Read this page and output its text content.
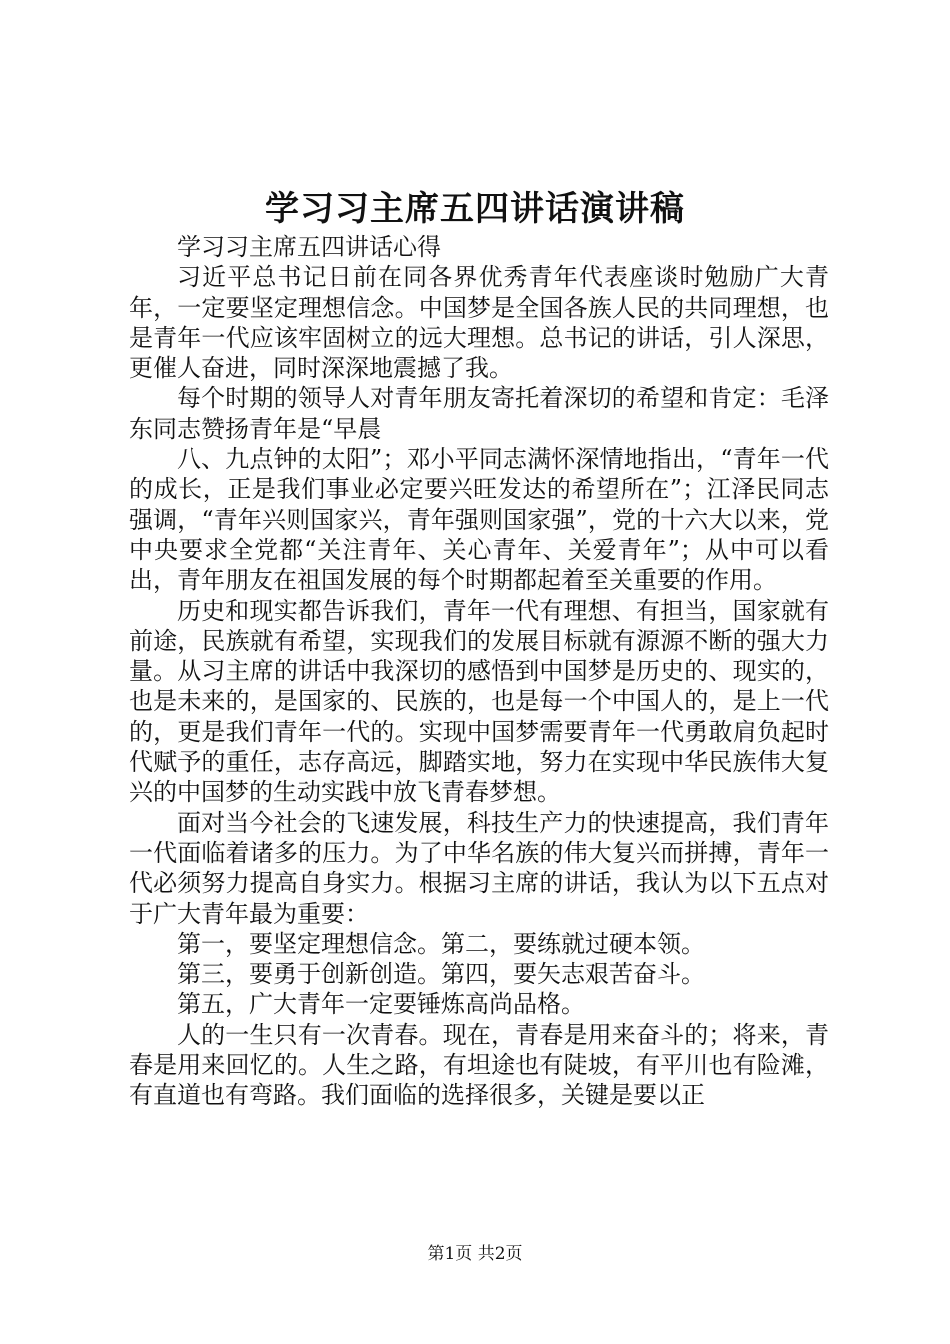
学习习主席五四讲话演讲稿

学习习主席五四讲话心得

习近平总书记日前在同各界优秀青年代表座谈时勉励广大青年，一定要坚定理想信念。中国梦是全国各族人民的共同理想，也是青年一代应该牢固树立的远大理想。总书记的讲话，引人深思，更催人奋进，同时深深地震撼了我。

每个时期的领导人对青年朋友寄托着深切的希望和肯定：毛泽东同志赞扬青年是“早晨

八、九点钟的太阳”；邓小平同志满怀深情地指出，“青年一代的成长，正是我们事业必定要兴旺发达的希望所在”；江泽民同志强调，“青年兴则国家兴，青年强则国家强”，党的十六大以来，党中央要求全党都“关注青年、关心青年、关爱青年”；从中可以看出，青年朋友在祖国发展的每个时期都起着至关重要的作用。

历史和现实都告诉我们，青年一代有理想、有担当，国家就有前途，民族就有希望，实现我们的发展目标就有源源不断的强大力量。从习主席的讲话中我深切的感悟到中国梦是历史的、现实的，也是未来的，是国家的、民族的，也是每一个中国人的，是上一代的，更是我们青年一代的。实现中国梦需要青年一代勇敢肩负起时代赋予的重任，志存高远，脚踏实地，努力在实现中华民族伟大复兴的中国梦的生动实践中放飞青春梦想。

面对当今社会的飞速发展，科技生产力的快速提高，我们青年一代面临着诸多的压力。为了中华名族的伟大复兴而拼搏，青年一代必须努力提高自身实力。根据习主席的讲话，我认为以下五点对于广大青年最为重要：

第一，要坚定理想信念。第二，要练就过硬本领。

第三，要勇于创新创造。第四，要矢志艰苦奋斗。

第五，广大青年一定要锤炼高尚品格。

人的一生只有一次青春。现在，青春是用来奋斗的；将来，青春是用来回忆的。人生之路，有坦途也有陡坡，有平川也有险滩，有直道也有弯路。我们面临的选择很多，关键是要以正

第1页 共2页
